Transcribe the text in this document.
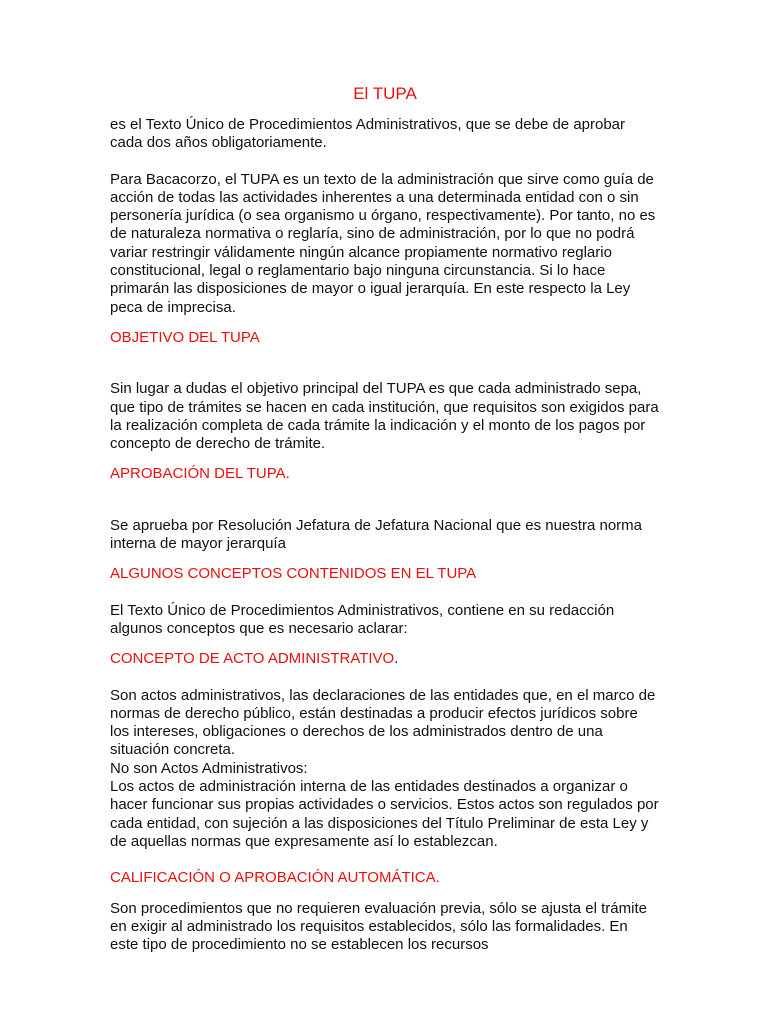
El TUPA

es el Texto Único de Procedimientos Administrativos, que se debe de aprobar cada dos años obligatoriamente.

Para Bacacorzo, el TUPA es un texto de la administración que sirve como guía de acción de todas las actividades inherentes a una determinada entidad con o sin personería jurídica (o sea organismo u órgano, respectivamente). Por tanto, no es de naturaleza normativa o reglaría, sino de administración, por lo que no podrá variar restringir válidamente ningún alcance propiamente normativo reglario constitucional, legal o reglamentario bajo ninguna circunstancia. Si lo hace primarán las disposiciones de mayor o igual jerarquía. En este respecto la Ley peca de imprecisa.

OBJETIVO DEL TUPA

Sin lugar a dudas el objetivo principal del TUPA es que cada administrado sepa, que tipo de trámites se hacen en cada institución, que requisitos son exigidos para la realización completa de cada trámite la indicación y el monto de los pagos por concepto de derecho de trámite.

APROBACIÓN DEL TUPA.

Se aprueba por Resolución Jefatura de Jefatura Nacional que es nuestra norma interna de mayor jerarquía

ALGUNOS CONCEPTOS CONTENIDOS EN EL TUPA

El Texto Único de Procedimientos Administrativos, contiene en su redacción algunos conceptos que es necesario aclarar:

CONCEPTO DE ACTO ADMINISTRATIVO.

Son actos administrativos, las declaraciones de las entidades que, en el marco de normas de derecho público, están destinadas a producir efectos jurídicos sobre los intereses, obligaciones o derechos de los administrados dentro de una situación concreta.

No son Actos Administrativos:

Los actos de administración interna de las entidades destinados a organizar o hacer funcionar sus propias actividades o servicios. Estos actos son regulados por cada entidad, con sujeción a las disposiciones del Título Preliminar de esta Ley y de aquellas normas que expresamente así lo establezcan.

CALIFICACIÓN O APROBACIÓN AUTOMÁTICA.

Son procedimientos que no requieren evaluación previa, sólo se ajusta el trámite en exigir al administrado los requisitos establecidos, sólo las formalidades. En este tipo de procedimiento no se establecen los recursos
